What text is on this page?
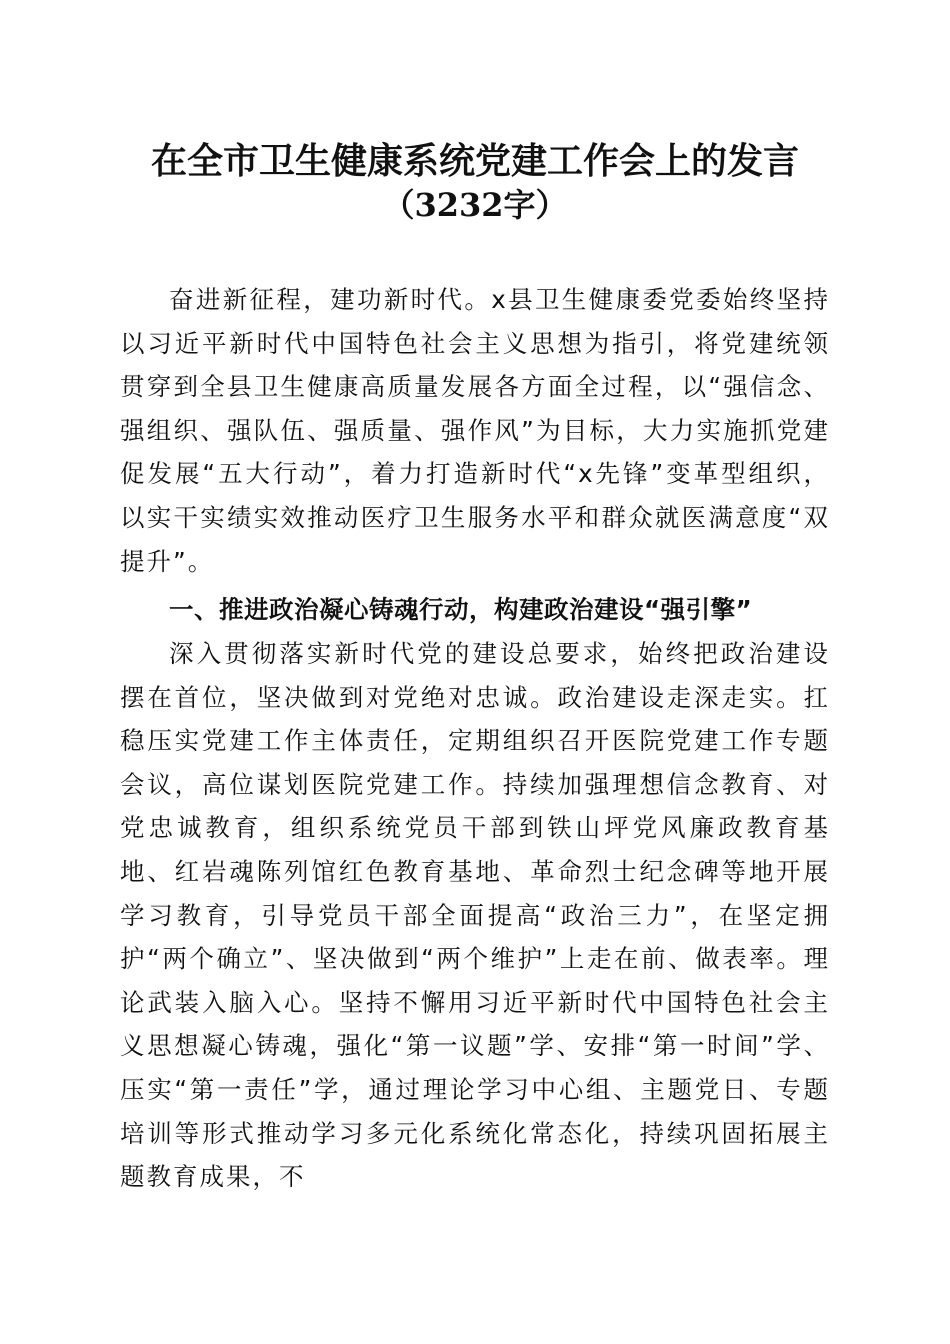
在全市卫生健康系统党建工作会上的发言
（3232字）

奋进新征程，建功新时代。x县卫生健康委党委始终坚持以习近平新时代中国特色社会主义思想为指引，将党建统领贯穿到全县卫生健康高质量发展各方面全过程，以“强信念、强组织、强队伍、强质量、强作风”为目标，大力实施抓党建促发展“五大行动”，着力打造新时代“x先锋”变革型组织，以实干实绩实效推动医疗卫生服务水平和群众就医满意度“双提升”。

一、推进政治凝心铸魂行动，构建政治建设“强引擎”

深入贯彻落实新时代党的建设总要求，始终把政治建设摆在首位，坚决做到对党绝对忠诚。政治建设走深走实。扛稳压实党建工作主体责任，定期组织召开医院党建工作专题会议，高位谋划医院党建工作。持续加强理想信念教育、对党忠诚教育，组织系统党员干部到铁山坪党风廉政教育基地、红岩魂陈列馆红色教育基地、革命烈士纪念碑等地开展学习教育，引导党员干部全面提高“政治三力”，在坚定拥护“两个确立”、坚决做到“两个维护”上走在前、做表率。理论武装入脑入心。坚持不懈用习近平新时代中国特色社会主义思想凝心铸魂，强化“第一议题”学、安排“第一时间”学、压实“第一责任”学，通过理论学习中心组、主题党日、专题培训等形式推动学习多元化系统化常态化，持续巩固拓展主题教育成果，不
